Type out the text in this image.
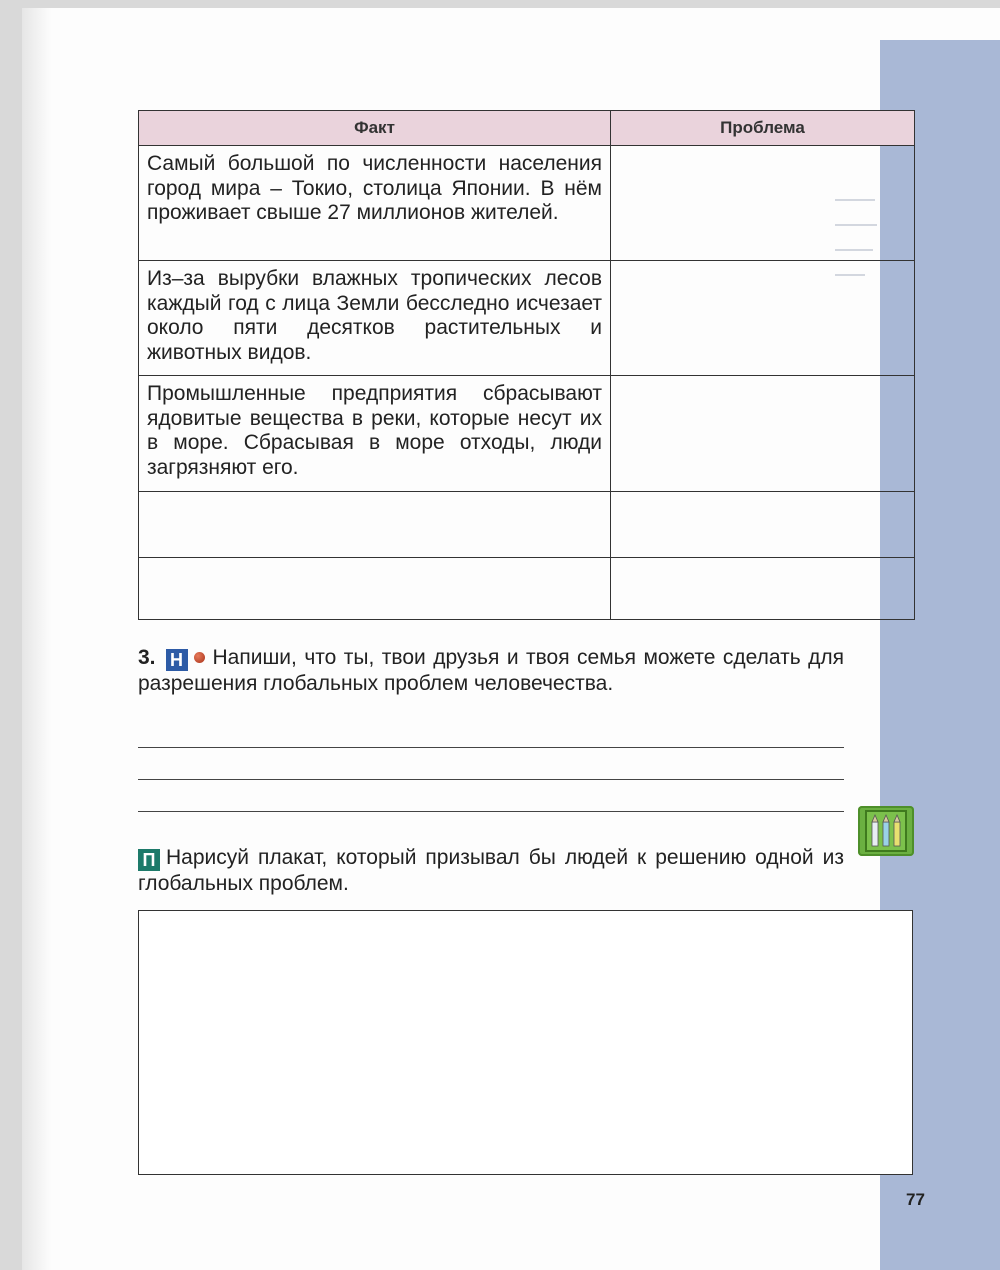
Факт	Проблема
Самый большой по численности населения город мира – Токио, столица Японии. В нём проживает свыше 27 миллионов жителей.	
Из–за вырубки влажных тропических лесов каждый год с лица Земли бесследно исчезает около пяти десятков растительных и животных видов.	
Промышленные предприятия сбрасывают ядовитые вещества в реки, которые несут их в море. Сбрасывая в море отходы, люди загрязняют его.	

3. Н Напиши, что ты, твои друзья и твоя семья можете сделать для разрешения глобальных проблем человечества.
П Нарисуй плакат, который призывал бы людей к решению одной из глобальных проблем.
77
